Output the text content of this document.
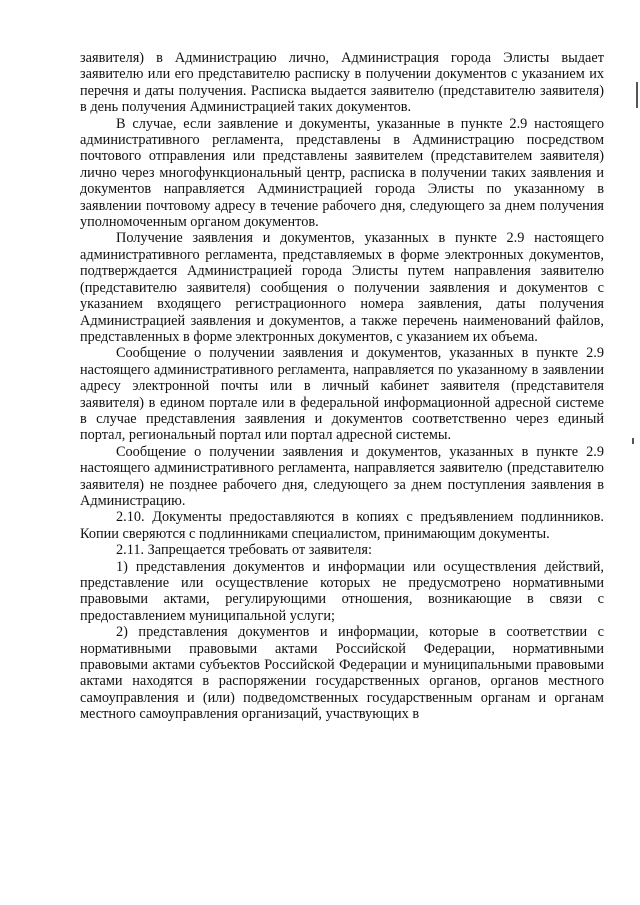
заявителя) в Администрацию лично, Администрация города Элисты выдает заявителю или его представителю расписку в получении документов с указанием их перечня и даты получения. Расписка выдается заявителю (представителю заявителя) в день получения Администрацией таких документов.

В случае, если заявление и документы, указанные в пункте 2.9 настоящего административного регламента, представлены в Администрацию посредством почтового отправления или представлены заявителем (представителем заявителя) лично через многофункциональный центр, расписка в получении таких заявления и документов направляется Администрацией города Элисты по указанному в заявлении почтовому адресу в течение рабочего дня, следующего за днем получения уполномоченным органом документов.

Получение заявления и документов, указанных в пункте 2.9 настоящего административного регламента, представляемых в форме электронных документов, подтверждается Администрацией города Элисты путем направления заявителю (представителю заявителя) сообщения о получении заявления и документов с указанием входящего регистрационного номера заявления, даты получения Администрацией заявления и документов, а также перечень наименований файлов, представленных в форме электронных документов, с указанием их объема.

Сообщение о получении заявления и документов, указанных в пункте 2.9 настоящего административного регламента, направляется по указанному в заявлении адресу электронной почты или в личный кабинет заявителя (представителя заявителя) в едином портале или в федеральной информационной адресной системе в случае представления заявления и документов соответственно через единый портал, региональный портал или портал адресной системы.

Сообщение о получении заявления и документов, указанных в пункте 2.9 настоящего административного регламента, направляется заявителю (представителю заявителя) не позднее рабочего дня, следующего за днем поступления заявления в Администрацию.

2.10. Документы предоставляются в копиях с предъявлением подлинников. Копии сверяются с подлинниками специалистом, принимающим документы.

2.11. Запрещается требовать от заявителя:

1) представления документов и информации или осуществления действий, представление или осуществление которых не предусмотрено нормативными правовыми актами, регулирующими отношения, возникающие в связи с предоставлением муниципальной услуги;

2) представления документов и информации, которые в соответствии с нормативными правовыми актами Российской Федерации, нормативными правовыми актами субъектов Российской Федерации и муниципальными правовыми актами находятся в распоряжении государственных органов, органов местного самоуправления и (или) подведомственных государственным органам и органам местного самоуправления организаций, участвующих в
